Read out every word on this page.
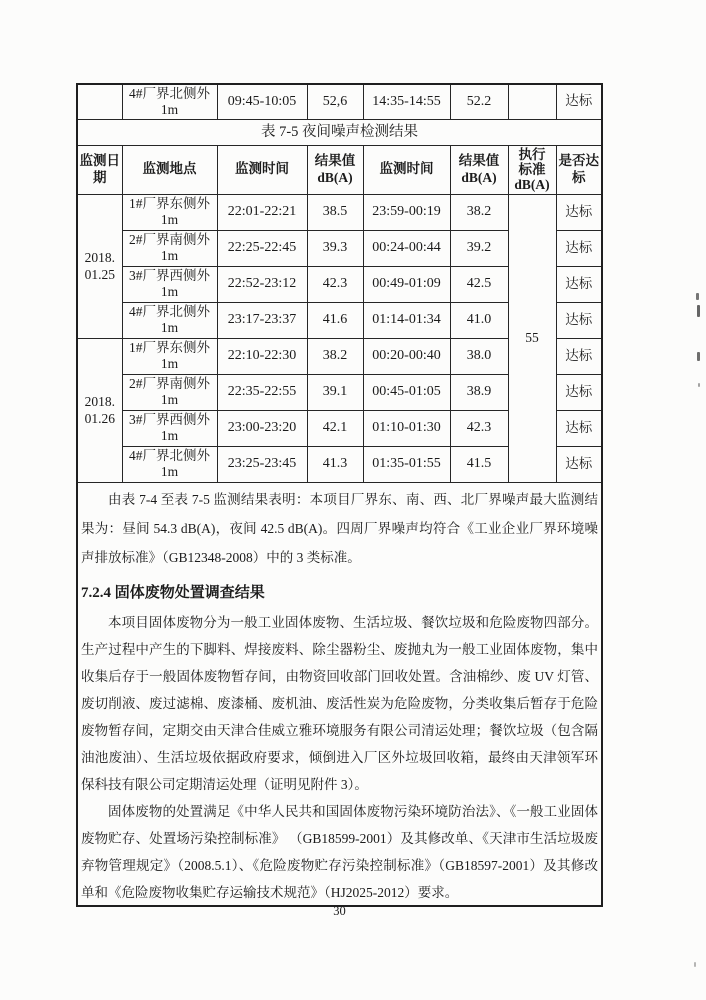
	4#厂界北侧外
1m	09:45-10:05	52,6	14:35-14:55	52.2		达标
表 7-5 夜间噪声检测结果							
监测日期	监测地点	监测时间	结果值 dB(A)	监测时间	结果值 dB(A)	执行
标准
dB(A)	是否达标

2018.
01.25	1#厂界东侧外
1m	22:01-22:21	38.5	23:59-00:19	38.2	55	达标

	2#厂界南侧外
1m	22:25-22:45	39.3	00:24-00:44	39.2		达标

	3#厂界西侧外
1m	22:52-23:12	42.3	00:49-01:09	42.5		达标

	4#厂界北侧外
1m	23:17-23:37	41.6	01:14-01:34	41.0		达标

2018.
01.26	1#厂界东侧外
1m	22:10-22:30	38.2	00:20-00:40	38.0		达标

	2#厂界南侧外
1m	22:35-22:55	39.1	00:45-01:05	38.9		达标

	3#厂界西侧外
1m	23:00-23:20	42.1	01:10-01:30	42.3		达标

	4#厂界北侧外
1m	23:25-23:45	41.3	01:35-01:55	41.5		达标
由表 7-4 至表 7-5 监测结果表明：本项目厂界东、南、西、北厂界噪声最大监测结
果为：昼间 54.3 dB(A)，夜间 42.5 dB(A)。四周厂界噪声均符合《工业企业厂界环境噪
声排放标准》（GB12348-2008）中的 3 类标准。
7.2.4 固体废物处置调查结果
本项目固体废物分为一般工业固体废物、生活垃圾、餐饮垃圾和危险废物四部分。
生产过程中产生的下脚料、焊接废料、除尘器粉尘、废抛丸为一般工业固体废物，集中
收集后存于一般固体废物暂存间，由物资回收部门回收处置。含油棉纱、废 UV 灯管、
废切削液、废过滤棉、废漆桶、废机油、废活性炭为危险废物，分类收集后暂存于危险
废物暂存间，定期交由天津合佳威立雅环境服务有限公司清运处理；餐饮垃圾（包含隔
油池废油）、生活垃圾依据政府要求，倾倒进入厂区外垃圾回收箱，最终由天津领军环
保科技有限公司定期清运处理（证明见附件 3）。
固体废物的处置满足《中华人民共和国固体废物污染环境防治法》、《一般工业固体
废物贮存、处置场污染控制标准》 （GB18599-2001）及其修改单、《天津市生活垃圾废
弃物管理规定》（2008.5.1）、《危险废物贮存污染控制标准》（GB18597-2001）及其修改
单和《危险废物收集贮存运输技术规范》（HJ2025-2012）要求。
30
